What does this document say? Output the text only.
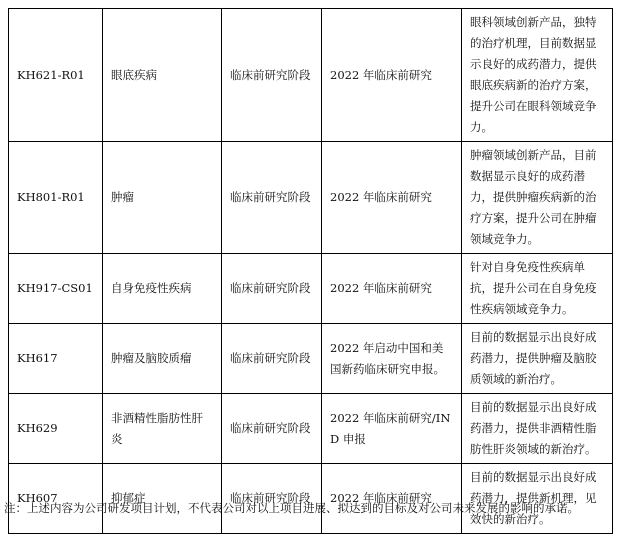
KH621-R01	眼底疾病	临床前研究阶段	2022 年临床前研究	眼科领域创新产品，独特的治疗机理，目前数据显示良好的成药潜力，提供眼底疾病新的治疗方案，提升公司在眼科领域竞争力。
KH801-R01	肿瘤	临床前研究阶段	2022 年临床前研究	肿瘤领域创新产品，目前数据显示良好的成药潜力，提供肿瘤疾病新的治疗方案，提升公司在肿瘤领域竞争力。
KH917-CS01	自身免疫性疾病	临床前研究阶段	2022 年临床前研究	针对自身免疫性疾病单抗，提升公司在自身免疫性疾病领域竞争力。
KH617	肿瘤及脑胶质瘤	临床前研究阶段	2022 年启动中国和美国新药临床研究申报。	目前的数据显示出良好成药潜力，提供肿瘤及脑胶质领域的新治疗。
KH629	非酒精性脂肪性肝炎	临床前研究阶段	2022 年临床前研究/IND 申报	目前的数据显示出良好成药潜力，提供非酒精性脂肪性肝炎领域的新治疗。
KH607	抑郁症	临床前研究阶段	2022 年临床前研究	目前的数据显示出良好成药潜力，提供新机理，见效快的新治疗。
注：上述内容为公司研发项目计划，不代表公司对以上项目进展、拟达到的目标及对公司未来发展的影响的承诺。
